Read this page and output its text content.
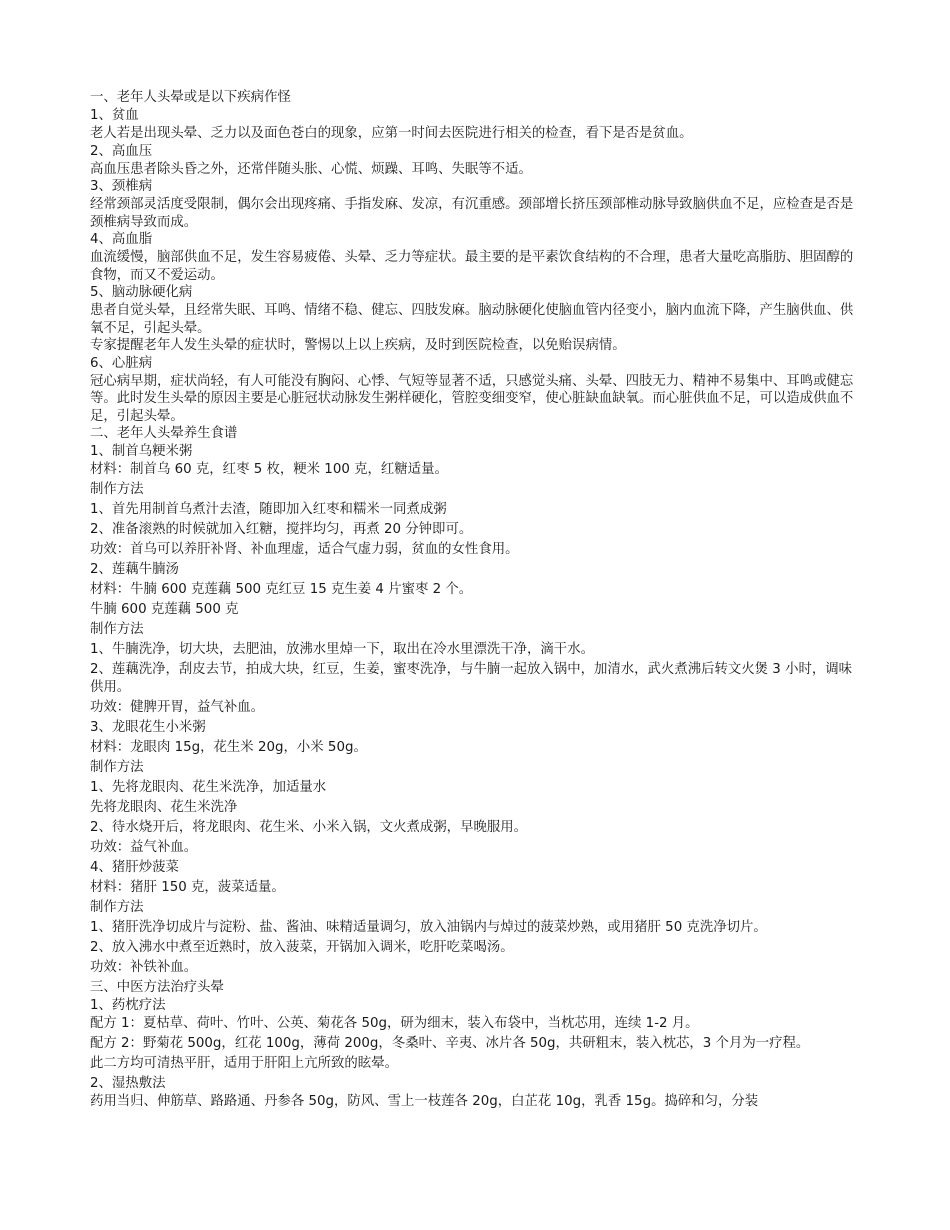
一、老年人头晕或是以下疾病作怪
1、贫血
老人若是出现头晕、乏力以及面色苍白的现象，应第一时间去医院进行相关的检查，看下是否是贫血。
2、高血压
高血压患者除头昏之外，还常伴随头胀、心慌、烦躁、耳鸣、失眠等不适。
3、颈椎病
经常颈部灵活度受限制，偶尔会出现疼痛、手指发麻、发凉，有沉重感。颈部增长挤压颈部椎动脉导致脑供血不足，应检查是否是颈椎病导致而成。
4、高血脂
血流缓慢，脑部供血不足，发生容易疲倦、头晕、乏力等症状。最主要的是平素饮食结构的不合理，患者大量吃高脂肪、胆固醇的食物，而又不爱运动。
5、脑动脉硬化病
患者自觉头晕，且经常失眠、耳鸣、情绪不稳、健忘、四肢发麻。脑动脉硬化使脑血管内径变小，脑内血流下降，产生脑供血、供氧不足，引起头晕。
专家提醒老年人发生头晕的症状时，警惕以上以上疾病，及时到医院检查，以免贻误病情。
6、心脏病
冠心病早期，症状尚轻，有人可能没有胸闷、心悸、气短等显著不适，只感觉头痛、头晕、四肢无力、精神不易集中、耳鸣或健忘等。此时发生头晕的原因主要是心脏冠状动脉发生粥样硬化，管腔变细变窄，使心脏缺血缺氧。而心脏供血不足，可以造成供血不足，引起头晕。
二、老年人头晕养生食谱
1、制首乌粳米粥
材料：制首乌 60 克，红枣 5 枚，粳米 100 克，红糖适量。
制作方法
1、首先用制首乌煮汁去渣，随即加入红枣和糯米一同煮成粥
2、准备滚熟的时候就加入红糖，搅拌均匀，再煮 20 分钟即可。
功效：首乌可以养肝补肾、补血理虚，适合气虚力弱，贫血的女性食用。
2、莲藕牛腩汤
材料：牛腩 600 克莲藕 500 克红豆 15 克生姜 4 片蜜枣 2 个。
牛腩 600 克莲藕 500 克
制作方法
1、牛腩洗净，切大块，去肥油，放沸水里焯一下，取出在冷水里漂洗干净，滴干水。
2、莲藕洗净，刮皮去节，拍成大块，红豆，生姜，蜜枣洗净，与牛腩一起放入锅中，加清水，武火煮沸后转文火煲 3 小时，调味供用。
功效：健脾开胃，益气补血。
3、龙眼花生小米粥
材料：龙眼肉 15g，花生米 20g，小米 50g。
制作方法
1、先将龙眼肉、花生米洗净，加适量水
先将龙眼肉、花生米洗净
2、待水烧开后，将龙眼肉、花生米、小米入锅，文火煮成粥，早晚服用。
功效：益气补血。
4、猪肝炒菠菜
材料：猪肝 150 克，菠菜适量。
制作方法
1、猪肝洗净切成片与淀粉、盐、酱油、味精适量调匀，放入油锅内与焯过的菠菜炒熟，或用猪肝 50 克洗净切片。
2、放入沸水中煮至近熟时，放入菠菜，开锅加入调米，吃肝吃菜喝汤。
功效：补铁补血。
三、中医方法治疗头晕
1、药枕疗法
配方 1：夏枯草、荷叶、竹叶、公英、菊花各 50g，研为细末，装入布袋中，当枕芯用，连续 1-2 月。
配方 2：野菊花 500g，红花 100g，薄荷 200g，冬桑叶、辛夷、冰片各 50g，共研粗末，装入枕芯，3 个月为一疗程。
此二方均可清热平肝，适用于肝阳上亢所致的眩晕。
2、湿热敷法
药用当归、伸筋草、路路通、丹参各 50g，防风、雪上一枝莲各 20g，白芷花 10g，乳香 15g。捣碎和匀，分装
